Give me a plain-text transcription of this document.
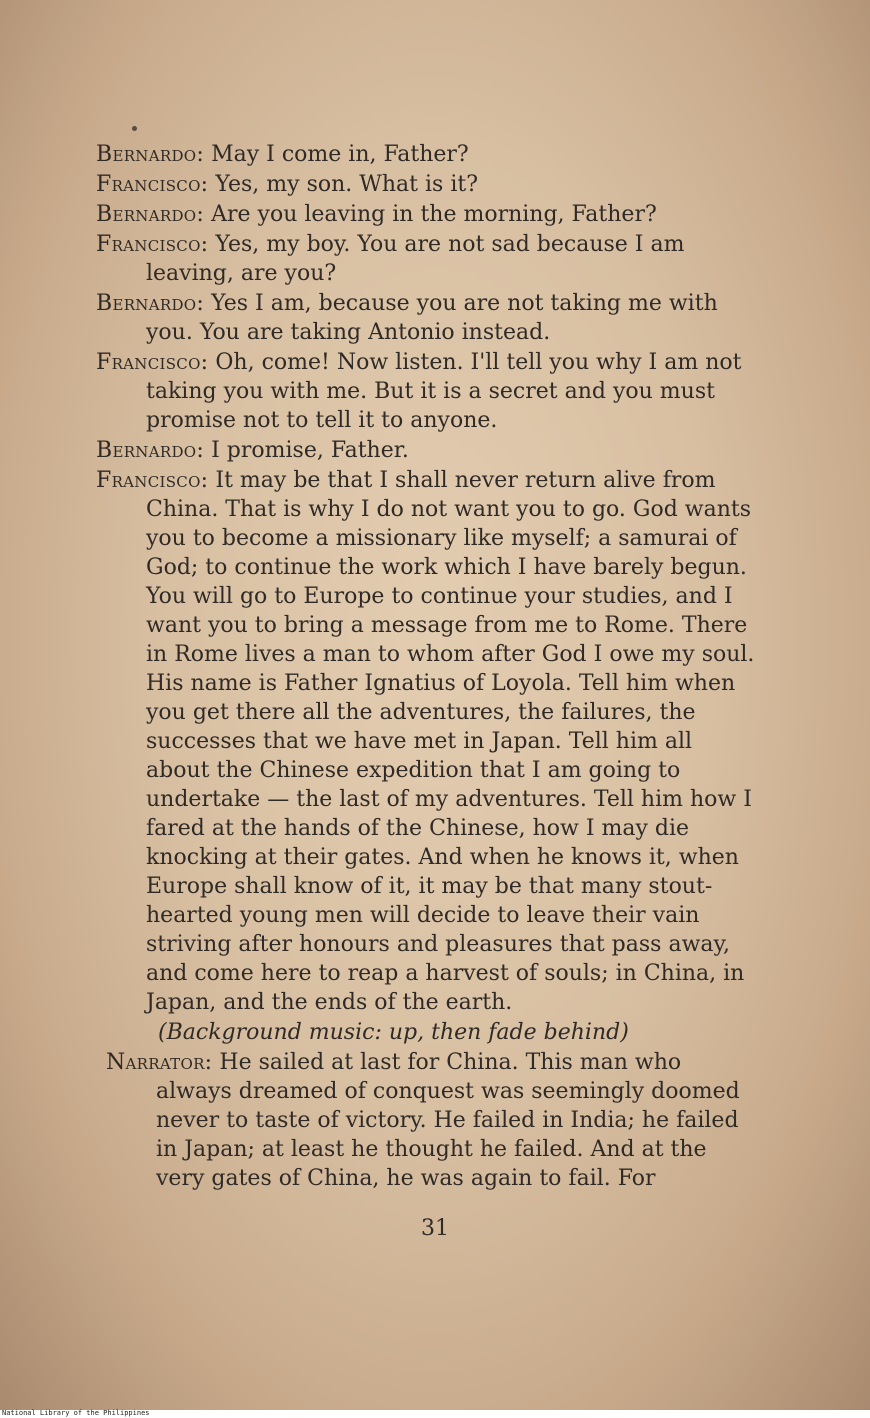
Bernardo: May I come in, Father?
Francisco: Yes, my son. What is it?
Bernardo: Are you leaving in the morning, Father?
Francisco: Yes, my boy. You are not sad because I am leaving, are you?
Bernardo: Yes I am, because you are not taking me with you. You are taking Antonio instead.
Francisco: Oh, come! Now listen. I'll tell you why I am not taking you with me. But it is a secret and you must promise not to tell it to anyone.
Bernardo: I promise, Father.
Francisco: It may be that I shall never return alive from China. That is why I do not want you to go. God wants you to become a missionary like myself; a samurai of God; to continue the work which I have barely begun. You will go to Europe to continue your studies, and I want you to bring a message from me to Rome. There in Rome lives a man to whom after God I owe my soul. His name is Father Ignatius of Loyola. Tell him when you get there all the adventures, the failures, the successes that we have met in Japan. Tell him all about the Chinese expedition that I am going to undertake — the last of my adventures. Tell him how I fared at the hands of the Chinese, how I may die knocking at their gates. And when he knows it, when Europe shall know of it, it may be that many stout-hearted young men will decide to leave their vain striving after honours and pleasures that pass away, and come here to reap a harvest of souls; in China, in Japan, and the ends of the earth.
(Background music: up, then fade behind)
Narrator: He sailed at last for China. This man who always dreamed of conquest was seemingly doomed never to taste of victory. He failed in India; he failed in Japan; at least he thought he failed. And at the very gates of China, he was again to fail. For
31
National Library of the Philippines
